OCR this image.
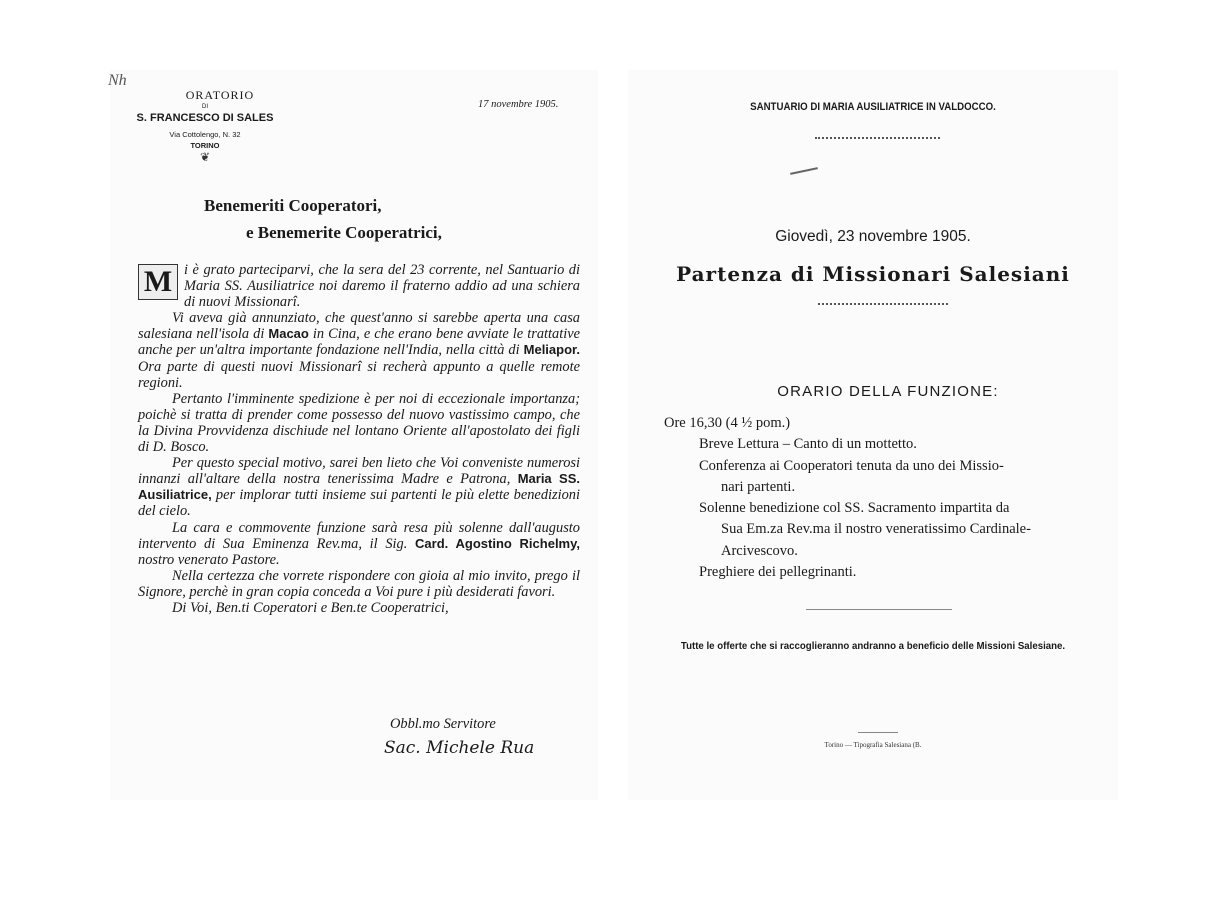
Nh
ORATORIO
DI
S. FRANCESCO DI SALES
Via Cottolengo, N. 32
TORINO
❦
17 novembre 1905.
Benemeriti Cooperatori,
e Benemerite Cooperatrici,

M i è grato parteciparvi, che la sera del 23 corrente, nel Santuario di Maria SS. Ausiliatrice noi daremo il fraterno addio ad una schiera di nuovi Missionarî.

Vi aveva già annunziato, che quest'anno si sarebbe aperta una casa salesiana nell'isola di Macao in Cina, e che erano bene avviate le trattative anche per un'altra importante fondazione nell'India, nella città di Meliapor. Ora parte di questi nuovi Missionarî si recherà appunto a quelle remote regioni.

Pertanto l'imminente spedizione è per noi di eccezionale importanza; poichè si tratta di prender come possesso del nuovo vastissimo campo, che la Divina Provvidenza dischiude nel lontano Oriente all'apostolato dei figli di D. Bosco.

Per questo special motivo, sarei ben lieto che Voi conveniste numerosi innanzi all'altare della nostra tenerissima Madre e Patrona, Maria SS. Ausiliatrice, per implorar tutti insieme sui partenti le più elette benedizioni del cielo.

La cara e commovente funzione sarà resa più solenne dall'augusto intervento di Sua Eminenza Rev.ma, il Sig. Card. Agostino Richelmy, nostro venerato Pastore.

Nella certezza che vorrete rispondere con gioia al mio invito, prego il Signore, perchè in gran copia conceda a Voi pure i più desiderati favori.

Di Voi, Ben.ti Coperatori e Ben.te Cooperatrici,

Obbl.mo Servitore
Sac. Michele Rua
SANTUARIO DI MARIA AUSILIATRICE IN VALDOCCO.
Giovedì, 23 novembre 1905.
Partenza di Missionari Salesiani
ORARIO DELLA FUNZIONE:
Ore 16,30 (4 ½ pom.)
Breve Lettura – Canto di un mottetto.
Conferenza ai Cooperatori tenuta da uno dei Missio-
nari partenti.
Solenne benedizione col SS. Sacramento impartita da
Sua Em.za Rev.ma il nostro veneratissimo Cardinale-
Arcivescovo.
Preghiere dei pellegrinanti.
Tutte le offerte che si raccoglieranno andranno a beneficio delle Missioni Salesiane.
Torino — Tipografia Salesiana (B.
